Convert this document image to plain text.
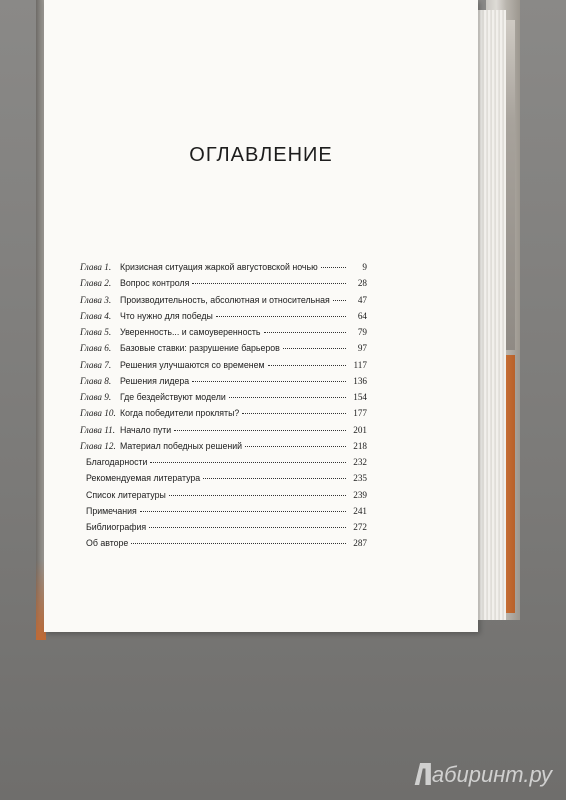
ОГЛАВЛЕНИЕ
Глава 1.	Кризисная ситуация жаркой августовской ночью	9
Глава 2.	Вопрос контроля	28
Глава 3.	Производительность, абсолютная и относительная	47
Глава 4.	Что нужно для победы	64
Глава 5.	Уверенность... и самоуверенность	79
Глава 6.	Базовые ставки: разрушение барьеров	97
Глава 7.	Решения улучшаются со временем	117
Глава 8.	Решения лидера	136
Глава 9.	Где бездействуют модели	154
Глава 10. Когда победители прокляты?	177
Глава 11. Начало пути	201
Глава 12. Материал победных решений	218
Благодарности	232
Рекомендуемая литература	235
Список литературы	239
Примечания	241
Библиография	272
Об авторе	287
абиринт.ру
